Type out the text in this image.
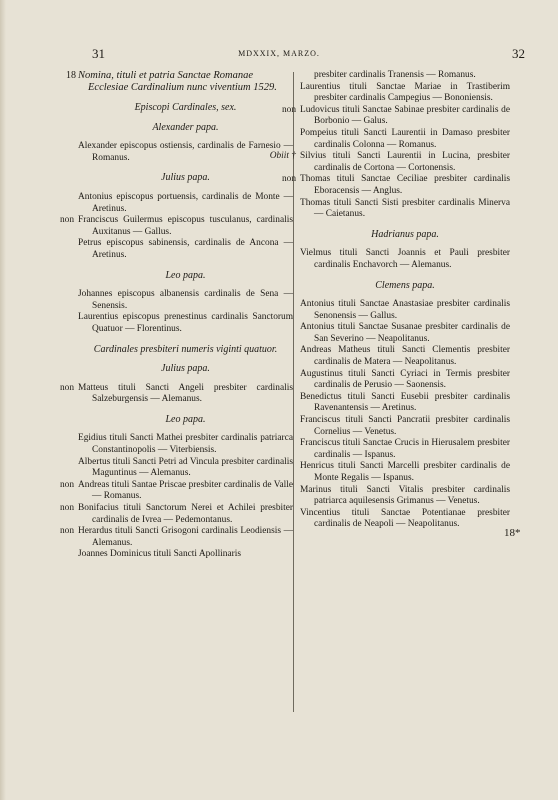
31	MDXXIX, MARZO.	32
18 Nomina, tituli et patria Sanctae Romanae Ecclesiae Cardinalium nunc viventium 1529.
Episcopi Cardinales, sex.
Alexander papa.
Alexander episcopus ostiensis, cardinalis de Farnesio — Romanus.
Julius papa.
Antonius episcopus portuensis, cardinalis de Monte — Aretinus.
non Franciscus Guilermus episcopus tusculanus, cardinalis Auxitanus — Gallus.
Petrus episcopus sabinensis, cardinalis de Ancona — Aretinus.
Leo papa.
Johannes episcopus albanensis cardinalis de Sena — Senensis.
Laurentius episcopus prenestinus cardinalis Sanctorum Quatuor — Florentinus.
Cardinales presbiteri numeris viginti quatuor.
Julius papa.
non Matteus tituli Sancti Angeli presbiter cardinalis Salzeburgensis — Alemanus.
Leo papa.
Egidius tituli Sancti Mathei presbiter cardinalis patriarca Constantinopolis — Viterbiensis.
Albertus tituli Sancti Petri ad Vincula presbiter cardinalis Maguntinus — Alemanus.
non Andreas tituli Santae Priscae presbiter cardinalis de Valle — Romanus.
non Bonifacius tituli Sanctorum Nerei et Achilei presbiter cardinalis de Ivrea — Pedemontanus.
non Herardus tituli Sancti Grisogoni cardinalis Leodiensis — Alemanus.
Joannes Dominicus tituli Sancti Apollinaris
presbiter cardinalis Tranensis — Romanus.
Laurentius tituli Sanctae Mariae in Trastiberim presbiter cardinalis Campegius — Bononiensis.
non Ludovicus tituli Sanctae Sabinae presbiter cardinalis de Borbonio — Galus.
Pompeius tituli Sancti Laurentii in Damaso presbiter cardinalis Colonna — Romanus.
Obiit † Silvius tituli Sancti Laurentii in Lucina, presbiter cardinalis de Cortona — Cortonensis.
non Thomas tituli Sanctae Ceciliae presbiter cardinalis Eboracensis — Anglus.
Thomas tituli Sancti Sisti presbiter cardinalis Minerva — Caietanus.
Hadrianus papa.
Vielmus tituli Sancti Joannis et Pauli presbiter cardinalis Enchavorch — Alemanus.
Clemens papa.
Antonius tituli Sanctae Anastasiae presbiter cardinalis Senonensis — Gallus.
Antonius tituli Sanctae Susanae presbiter cardinalis de San Severino — Neapolitanus.
Andreas Matheus tituli Sancti Clementis presbiter cardinalis de Matera — Neapolitanus.
Augustinus tituli Sancti Cyriaci in Termis presbiter cardinalis de Perusio — Saonensis.
Benedictus tituli Sancti Eusebii presbiter cardinalis Ravenantensis — Aretinus.
Franciscus tituli Sancti Pancratii presbiter cardinalis Cornelius — Venetus.
Franciscus tituli Sanctae Crucis in Hierusalem presbiter cardinalis — Ispanus.
Henricus tituli Sancti Marcelli presbiter cardinalis de Monte Regalis — Ispanus.
Marinus tituli Sancti Vitalis presbiter cardinalis patriarca aquilesensis Grimanus — Venetus.
Vincentius tituli Sanctae Potentianae presbiter cardinalis de Neapoli — Neapolitanus.
18*
